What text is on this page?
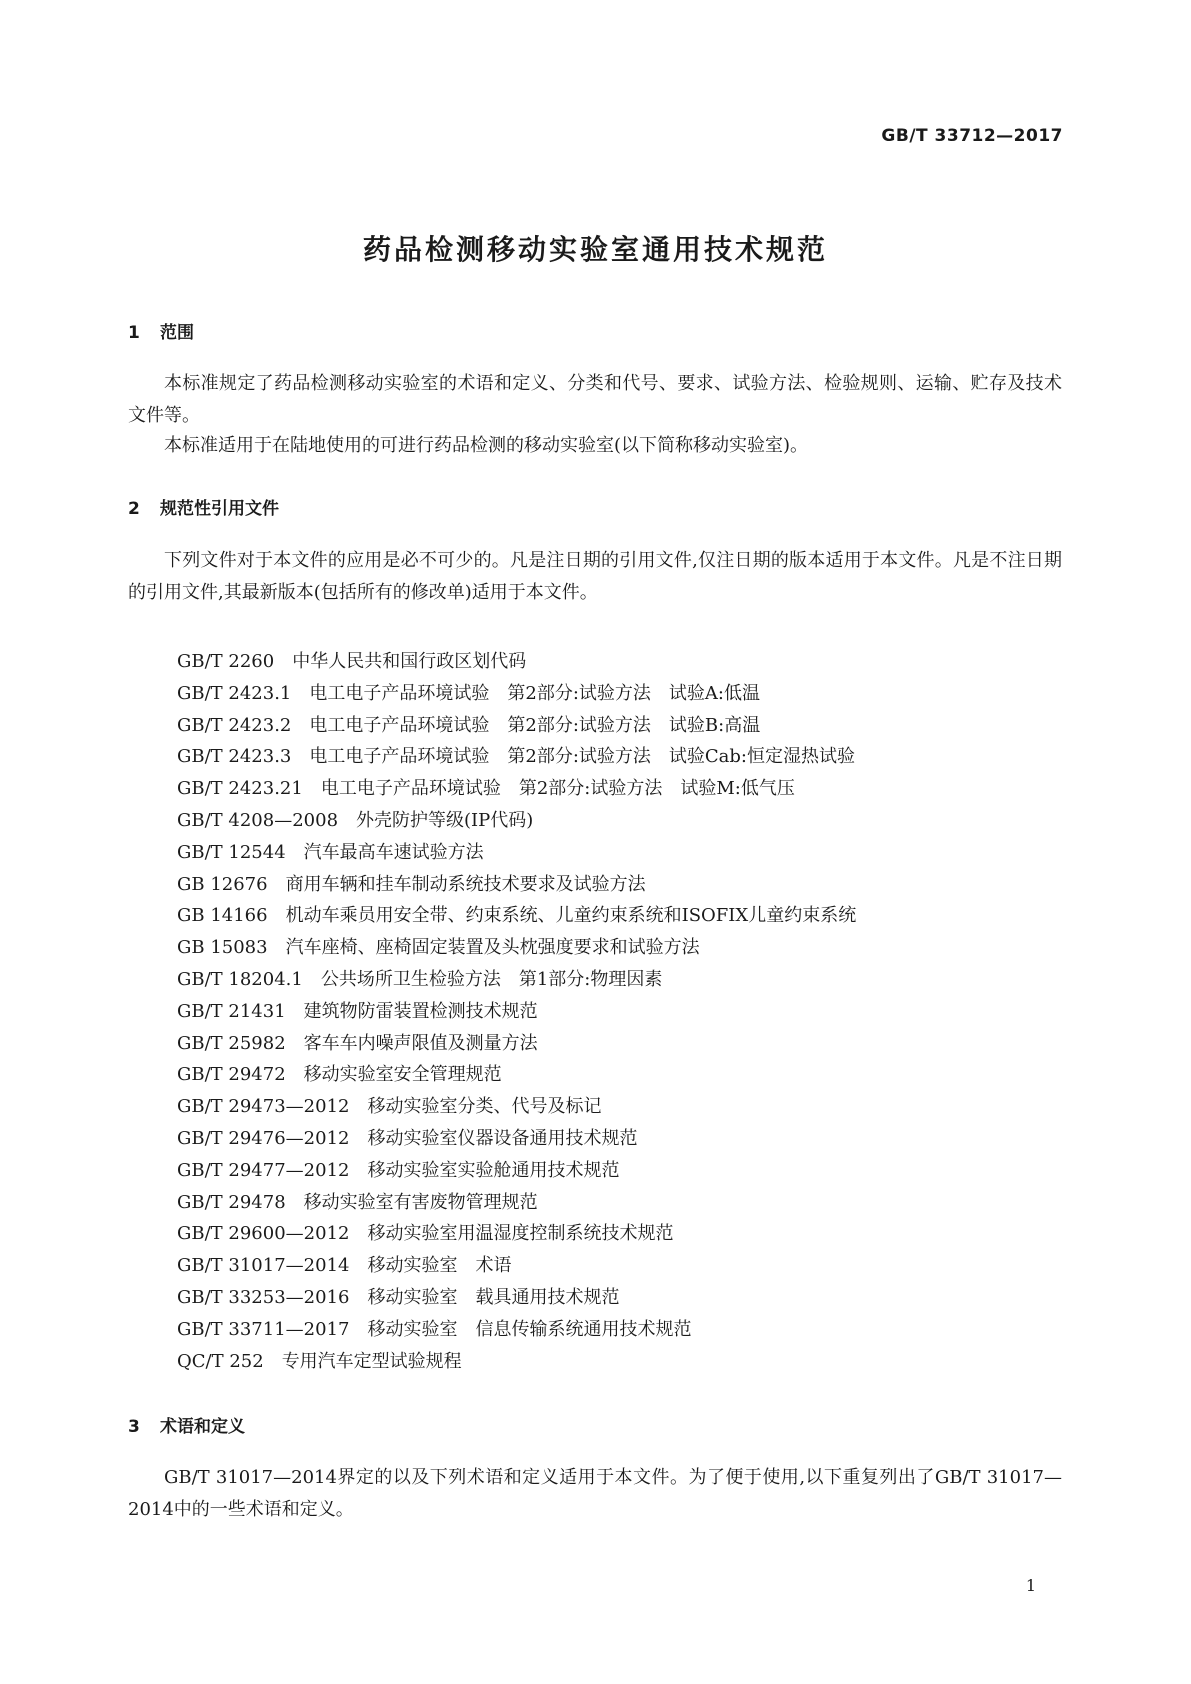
GB/T 33712—2017
药品检测移动实验室通用技术规范
1 范围

本标准规定了药品检测移动实验室的术语和定义、分类和代号、要求、试验方法、检验规则、运输、贮存及技术文件等。

本标准适用于在陆地使用的可进行药品检测的移动实验室(以下简称移动实验室)。

2 规范性引用文件

下列文件对于本文件的应用是必不可少的。凡是注日期的引用文件,仅注日期的版本适用于本文件。凡是不注日期的引用文件,其最新版本(包括所有的修改单)适用于本文件。

GB/T 2260 中华人民共和国行政区划代码
GB/T 2423.1 电工电子产品环境试验　第2部分:试验方法　试验A:低温
GB/T 2423.2 电工电子产品环境试验　第2部分:试验方法　试验B:高温
GB/T 2423.3 电工电子产品环境试验　第2部分:试验方法　试验Cab:恒定湿热试验
GB/T 2423.21 电工电子产品环境试验　第2部分:试验方法　试验M:低气压
GB/T 4208—2008 外壳防护等级(IP代码)
GB/T 12544 汽车最高车速试验方法
GB 12676 商用车辆和挂车制动系统技术要求及试验方法
GB 14166 机动车乘员用安全带、约束系统、儿童约束系统和ISOFIX儿童约束系统
GB 15083 汽车座椅、座椅固定装置及头枕强度要求和试验方法
GB/T 18204.1 公共场所卫生检验方法　第1部分:物理因素
GB/T 21431 建筑物防雷装置检测技术规范
GB/T 25982 客车车内噪声限值及测量方法
GB/T 29472 移动实验室安全管理规范
GB/T 29473—2012 移动实验室分类、代号及标记
GB/T 29476—2012 移动实验室仪器设备通用技术规范
GB/T 29477—2012 移动实验室实验舱通用技术规范
GB/T 29478 移动实验室有害废物管理规范
GB/T 29600—2012 移动实验室用温湿度控制系统技术规范
GB/T 31017—2014 移动实验室　术语
GB/T 33253—2016 移动实验室　载具通用技术规范
GB/T 33711—2017 移动实验室　信息传输系统通用技术规范
QC/T 252 专用汽车定型试验规程
3 术语和定义

GB/T 31017—2014界定的以及下列术语和定义适用于本文件。为了便于使用,以下重复列出了GB/T 31017—2014中的一些术语和定义。

1
